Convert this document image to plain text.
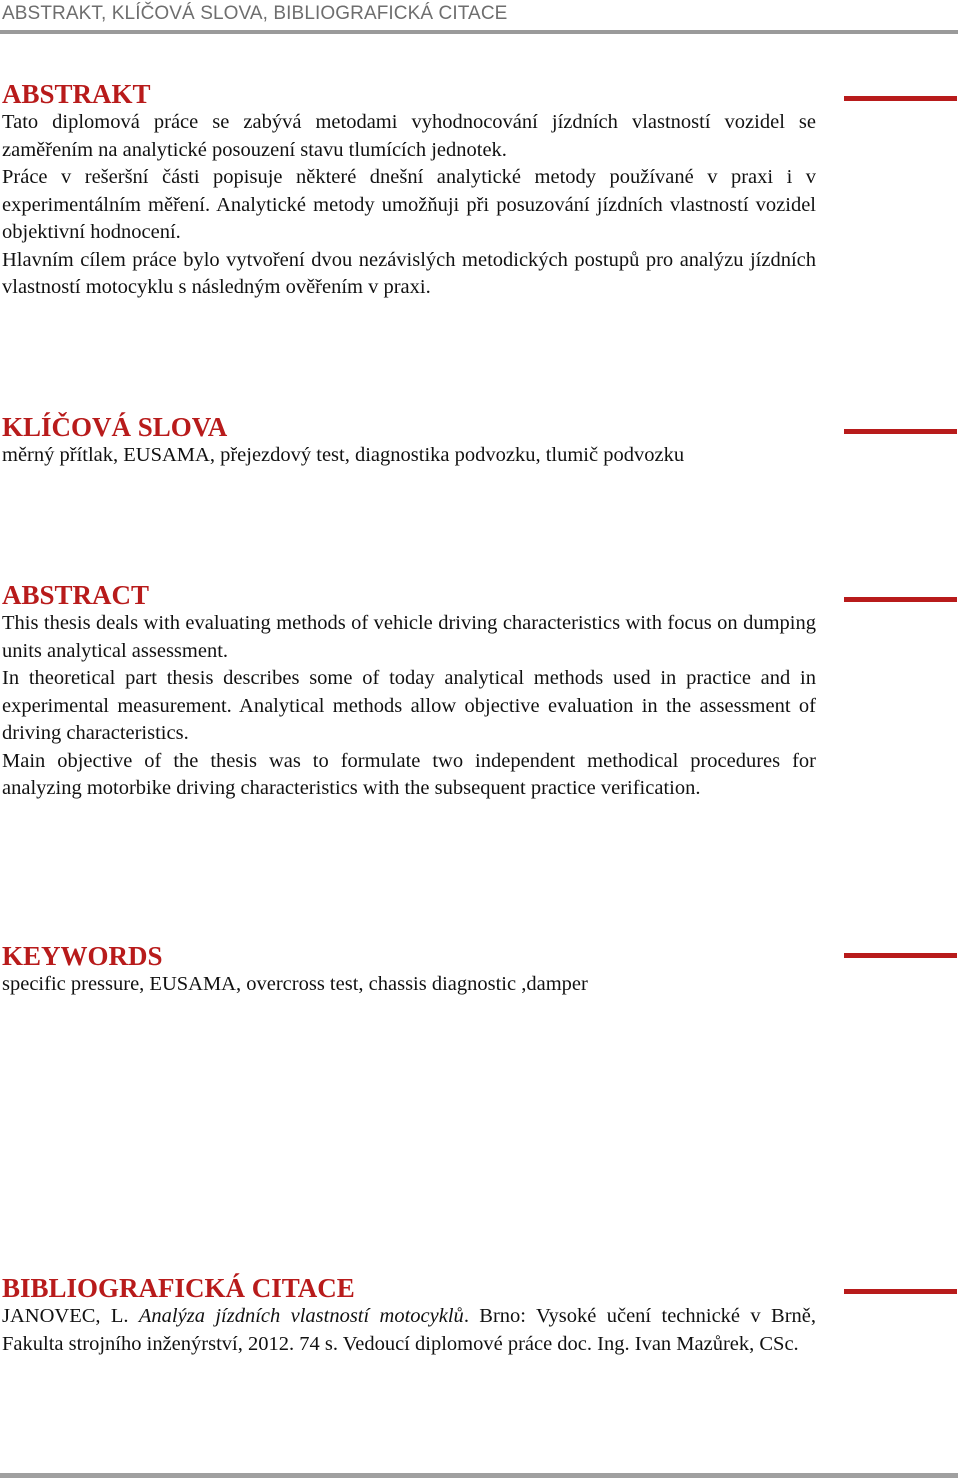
ABSTRAKT, KLÍČOVÁ SLOVA, BIBLIOGRAFICKÁ CITACE
ABSTRAKT

Tato diplomová práce se zabývá metodami vyhodnocování jízdních vlastností vozidel se zaměřením na analytické posouzení stavu tlumících jednotek.

Práce v rešeršní části popisuje některé dnešní analytické metody používané v praxi i v experimentálním měření. Analytické metody umožňuji při posuzování jízdních vlastností vozidel objektivní hodnocení.

Hlavním cílem práce bylo vytvoření dvou nezávislých metodických postupů pro analýzu jízdních vlastností motocyklu s následným ověřením v praxi.

KLÍČOVÁ SLOVA

měrný přítlak, EUSAMA, přejezdový test, diagnostika podvozku, tlumič podvozku

ABSTRACT

This thesis deals with evaluating methods of vehicle driving characteristics with focus on dumping units analytical assessment.

In theoretical part thesis describes some of today analytical methods used in practice and in experimental measurement. Analytical methods allow objective evaluation in the assessment of driving characteristics.

Main objective of the thesis was to formulate two independent methodical procedures for analyzing motorbike driving characteristics with the subsequent practice verification.

KEYWORDS

specific pressure, EUSAMA, overcross test, chassis diagnostic ,damper

BIBLIOGRAFICKÁ CITACE

JANOVEC, L. Analýza jízdních vlastností motocyklů. Brno: Vysoké učení technické v Brně, Fakulta strojního inženýrství, 2012. 74 s. Vedoucí diplomové práce doc. Ing. Ivan Mazůrek, CSc.
